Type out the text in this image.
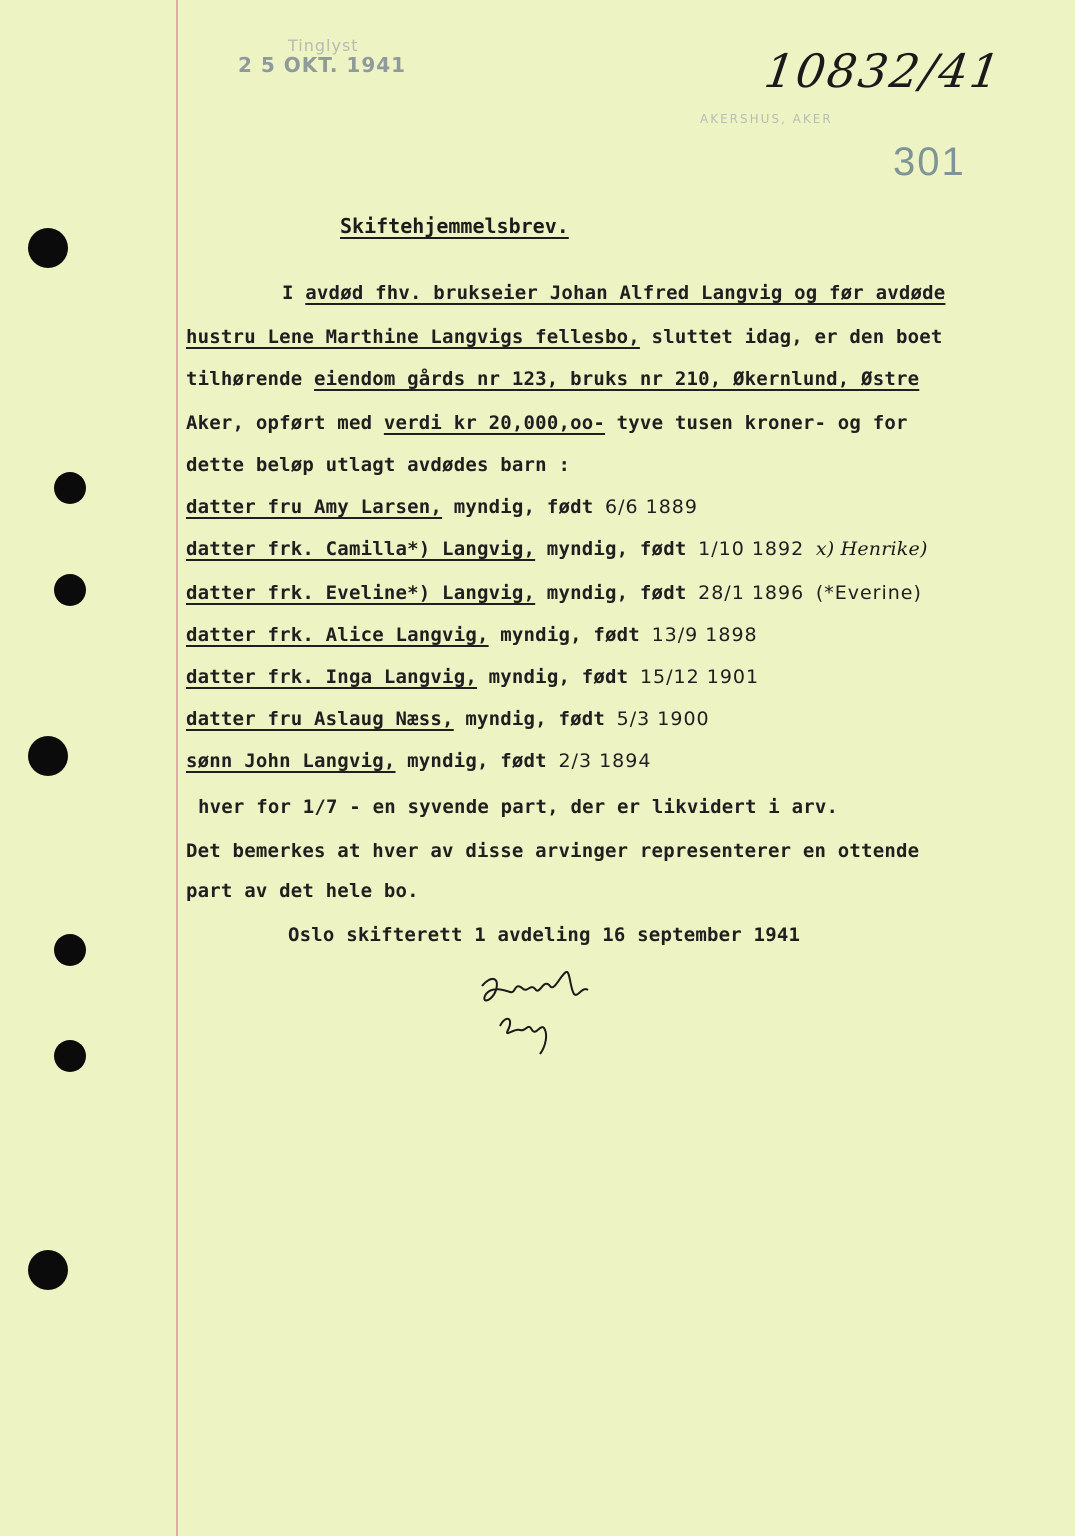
Tinglyst
2 5 OKT. 1941
AKERSHUS, AKER
10832/41
301
Skiftehjemmelsbrev.
I avdød fhv. brukseier Johan Alfred Langvig og før avdøde
hustru Lene Marthine Langvigs fellesbo, sluttet idag, er den boet
tilhørende eiendom gårds nr 123, bruks nr 210, Økernlund, Østre
Aker, opført med verdi kr 20,000,oo- tyve tusen kroner- og for
dette beløp utlagt avdødes barn :
datter fru Amy Larsen, myndig, født 6/6 1889
datter frk. Camilla*) Langvig, myndig, født 1/10 1892 x) Henrike)
datter frk. Eveline*) Langvig, myndig, født 28/1 1896 (*Everine)
datter frk. Alice Langvig, myndig, født 13/9 1898
datter frk. Inga Langvig, myndig, født 15/12 1901
datter fru Aslaug Næss, myndig, født 5/3 1900
sønn John Langvig, myndig, født 2/3 1894
hver for 1/7 - en syvende part, der er likvidert i arv.
Det bemerkes at hver av disse arvinger representerer en ottende
part av det hele bo.
Oslo skifterett 1 avdeling 16 september 1941
